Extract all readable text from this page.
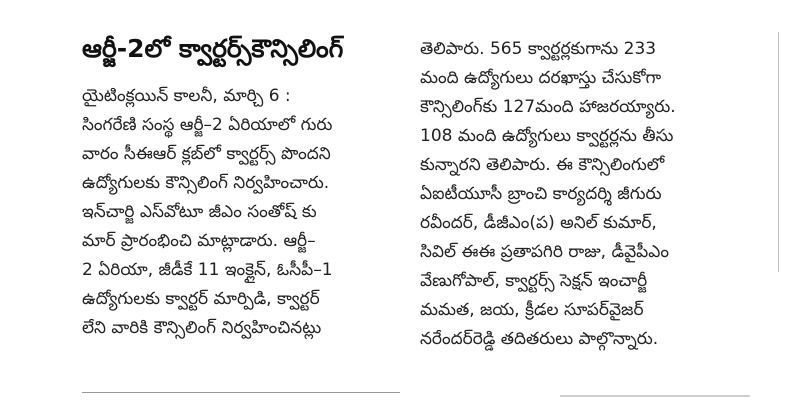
ఆర్జీ-2లో క్వార్టర్స్‌కౌన్సిలింగ్
యైటింక్లయిన్ కాలనీ, మార్చి 6 :
సింగరేణి సంస్థ ఆర్జీ–2 ఏరియాలో గురు
వారం సీఈఆర్ క్లబ్‌లో క్వార్టర్స్ పొందని
ఉద్యోగులకు కౌన్సిలింగ్ నిర్వహించారు.
ఇన్‌చార్జి ఎస్‌వోటూ జీఎం సంతోష్ కు
మార్ ప్రారంభించి మాట్లాడారు. ఆర్జీ–
2 ఏరియా, జీడీకే 11 ఇంక్లైన్, ఓసీపీ–1
ఉద్యోగులకు క్వార్టర్ మార్పిడి, క్వార్టర్
లేని వారికి కౌన్సిలింగ్ నిర్వహించినట్లు
తెలిపారు. 565 క్వార్టర్లకుగాను 233
మంది ఉద్యోగులు దరఖాస్తు చేసుకోగా
కౌన్సిలింగ్‌కు 127మంది హాజరయ్యారు.
108 మంది ఉద్యోగులు క్వార్టర్లను తీసు
కున్నారని తెలిపారు. ఈ కౌన్సిలింగులో
ఏఐటీయూసీ బ్రాంచి కార్యదర్శి జీగురు
రవీందర్, డీజీఎం(ప) అనిల్ కుమార్,
సివిల్ ఈఈ ప్రతాపగిరి రాజు, డీవైపీఎం
వేణుగోపాల్, క్వార్టర్స్ సెక్షన్ ఇంచార్జీ
మమత, జయ, క్రీడల సూపర్‌వైజర్
నరేందర్‌రెడ్డి తదితరులు పాల్గొన్నారు.
